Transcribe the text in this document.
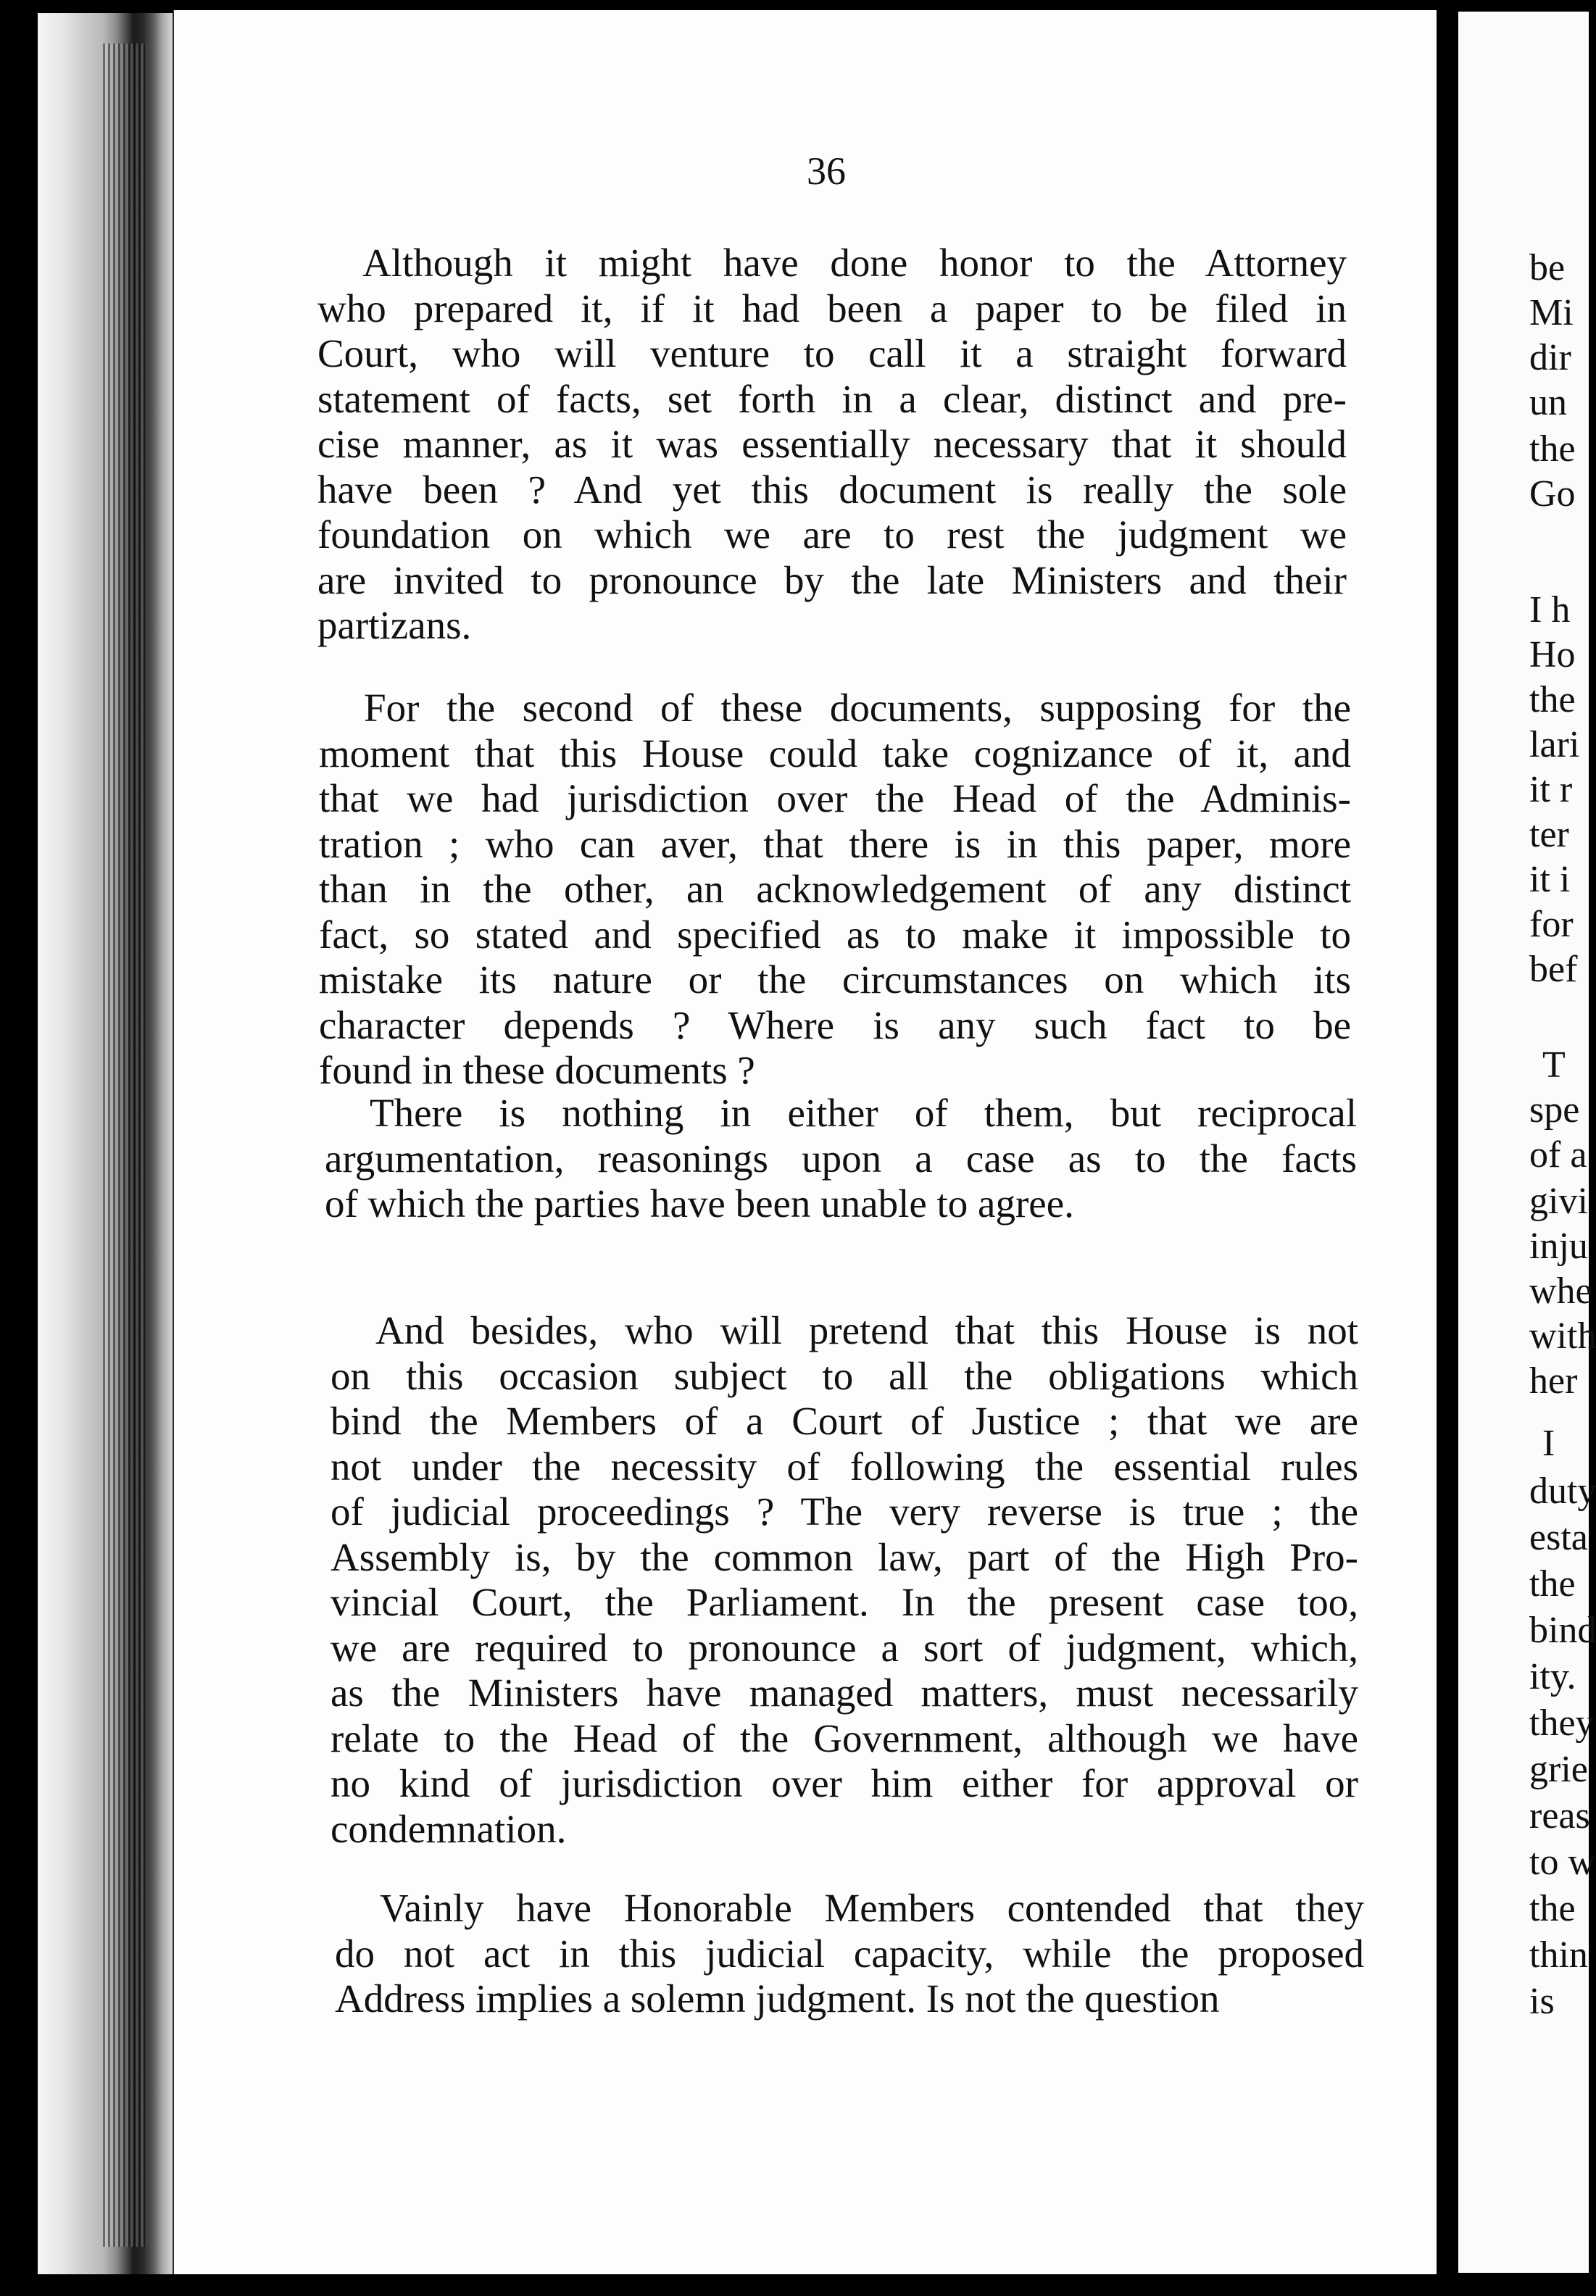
36
Although it might have done honor to the Attorney
who prepared it, if it had been a paper to be filed in
Court, who will venture to call it a straight forward
statement of facts, set forth in a clear, distinct and pre-
cise manner, as it was essentially necessary that it should
have been ? And yet this document is really the sole
foundation on which we are to rest the judgment we
are invited to pronounce by the late Ministers and their
partizans.
For the second of these documents, supposing for the
moment that this House could take cognizance of it, and
that we had jurisdiction over the Head of the Adminis-
tration ; who can aver, that there is in this paper, more
than in the other, an acknowledgement of any distinct
fact, so stated and specified as to make it impossible to
mistake its nature or the circumstances on which its
character depends ? Where is any such fact to be
found in these documents ?
There is nothing in either of them, but reciprocal
argumentation, reasonings upon a case as to the facts
of which the parties have been unable to agree.
And besides, who will pretend that this House is not
on this occasion subject to all the obligations which
bind the Members of a Court of Justice ; that we are
not under the necessity of following the essential rules
of judicial proceedings ? The very reverse is true ; the
Assembly is, by the common law, part of the High Pro-
vincial Court, the Parliament. In the present case too,
we are required to pronounce a sort of judgment, which,
as the Ministers have managed matters, must necessarily
relate to the Head of the Government, although we have
no kind of jurisdiction over him either for approval or
condemnation.
Vainly have Honorable Members contended that they
do not act in this judicial capacity, while the proposed
Address implies a solemn judgment. Is not the question
be
Mi
dir
un
the
Go
I h
Ho
the
lari
it r
ter
it i
for
bef
T
spe
of a
givi
inju
whe
with
her
I
duty
esta
the
bind
ity.
they
grie
reas
to w
the
thin
is
